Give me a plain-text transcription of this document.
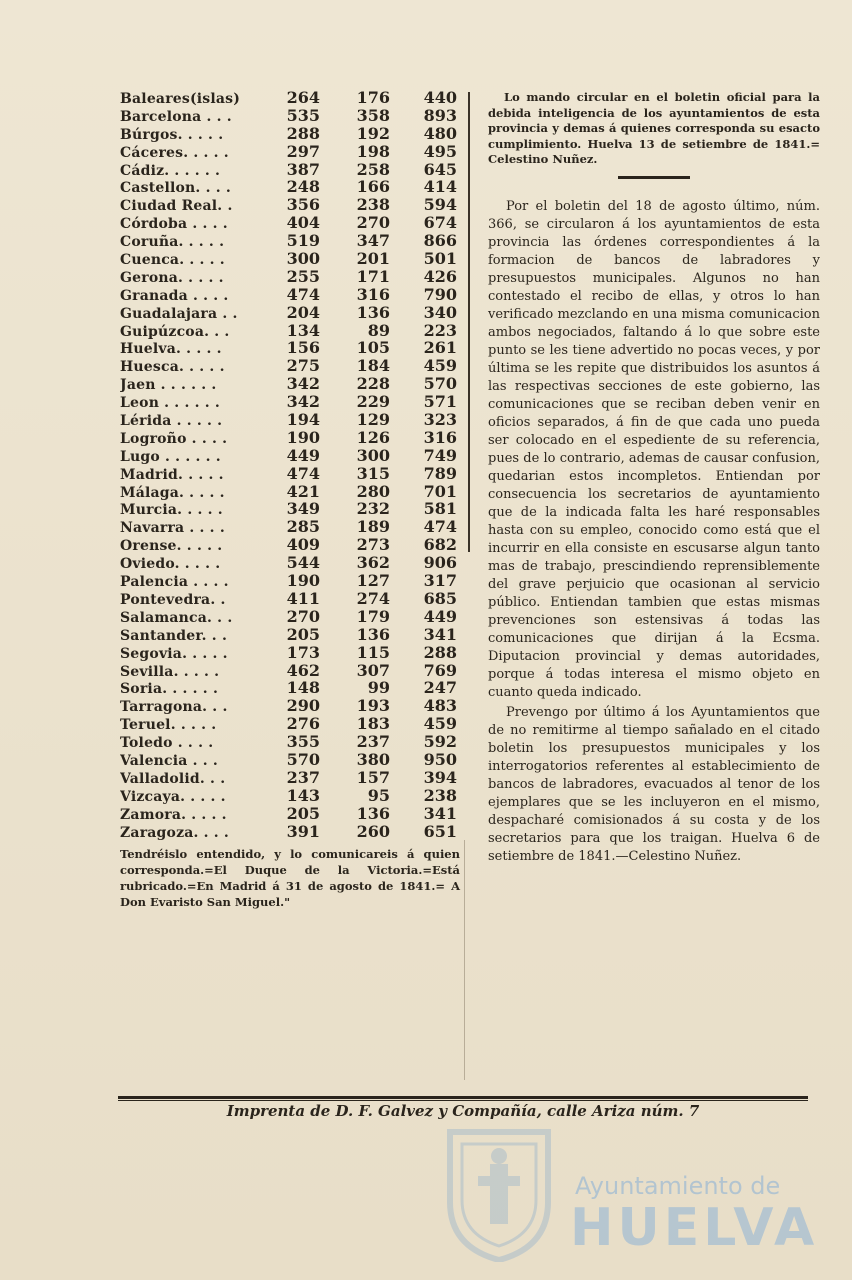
Baleares(islas)	264	176	440
Barcelona . . .	535	358	893
Búrgos. . . . .	288	192	480
Cáceres. . . . .	297	198	495
Cádiz. . . . . .	387	258	645
Castellon. . . .	248	166	414
Ciudad Real. .	356	238	594
Córdoba . . . .	404	270	674
Coruña. . . . .	519	347	866
Cuenca. . . . .	300	201	501
Gerona. . . . .	255	171	426
Granada . . . .	474	316	790
Guadalajara . .	204	136	340
Guipúzcoa. . .	134	89	223
Huelva. . . . .	156	105	261
Huesca. . . . .	275	184	459
Jaen . . . . . .	342	228	570
Leon . . . . . .	342	229	571
Lérida . . . . .	194	129	323
Logroño . . . .	190	126	316
Lugo . . . . . .	449	300	749
Madrid. . . . .	474	315	789
Málaga. . . . .	421	280	701
Murcia. . . . .	349	232	581
Navarra . . . .	285	189	474
Orense. . . . .	409	273	682
Oviedo. . . . .	544	362	906
Palencia . . . .	190	127	317
Pontevedra. .	411	274	685
Salamanca. . .	270	179	449
Santander. . .	205	136	341
Segovia. . . . .	173	115	288
Sevilla. . . . .	462	307	769
Soria. . . . . .	148	99	247
Tarragona. . .	290	193	483
Teruel. . . . .	276	183	459
Toledo . . . .	355	237	592
Valencia . . .	570	380	950
Valladolid. . .	237	157	394
Vizcaya. . . . .	143	95	238
Zamora. . . . .	205	136	341
Zaragoza. . . .	391	260	651
Tendréislo entendido, y lo comunicareis á quien corresponda.=El Duque de la Victoria.=Está rubricado.=En Madrid á 31 de agosto de 1841.= A Don Evaristo San Miguel."
Lo mando circular en el boletin oficial para la debida inteligencia de los ayuntamientos de esta provincia y demas á quienes corresponda su esacto cumplimiento. Huelva 13 de setiembre de 1841.= Celestino Nuñez.

Por el boletin del 18 de agosto último, núm. 366, se circularon á los ayuntamientos de esta provincia las órdenes correspondientes á la formacion de bancos de labradores y presupuestos municipales. Algunos no han contestado el recibo de ellas, y otros lo han verificado mezclando en una misma comunicacion ambos negociados, faltando á lo que sobre este punto se les tiene advertido no pocas veces, y por última se les repite que distribuidos los asuntos á las respectivas secciones de este gobierno, las comunicaciones que se reciban deben venir en oficios separados, á fin de que cada uno pueda ser colocado en el espediente de su referencia, pues de lo contrario, ademas de causar confusion, quedarian estos incompletos. Entiendan por consecuencia los secretarios de ayuntamiento que de la indicada falta les haré responsables hasta con su empleo, conocido como está que el incurrir en ella consiste en escusarse algun tanto mas de trabajo, prescindiendo reprensiblemente del grave perjuicio que ocasionan al servicio público. Entiendan tambien que estas mismas prevenciones son estensivas á todas las comunicaciones que dirijan á la Ecsma. Diputacion provincial y demas autoridades, porque á todas interesa el mismo objeto en cuanto queda indicado.

Prevengo por último á los Ayuntamientos que de no remitirme al tiempo sañalado en el citado boletin los presupuestos municipales y los interrogatorios referentes al establecimiento de bancos de labradores, evacuados al tenor de los ejemplares que se les incluyeron en el mismo, despacharé comisionados á su costa y de los secretarios para que los traigan. Huelva 6 de setiembre de 1841.—Celestino Nuñez.

Imprenta de D. F. Galvez y Compañía, calle Ariza núm. 7
Ayuntamiento de
HUELVA
